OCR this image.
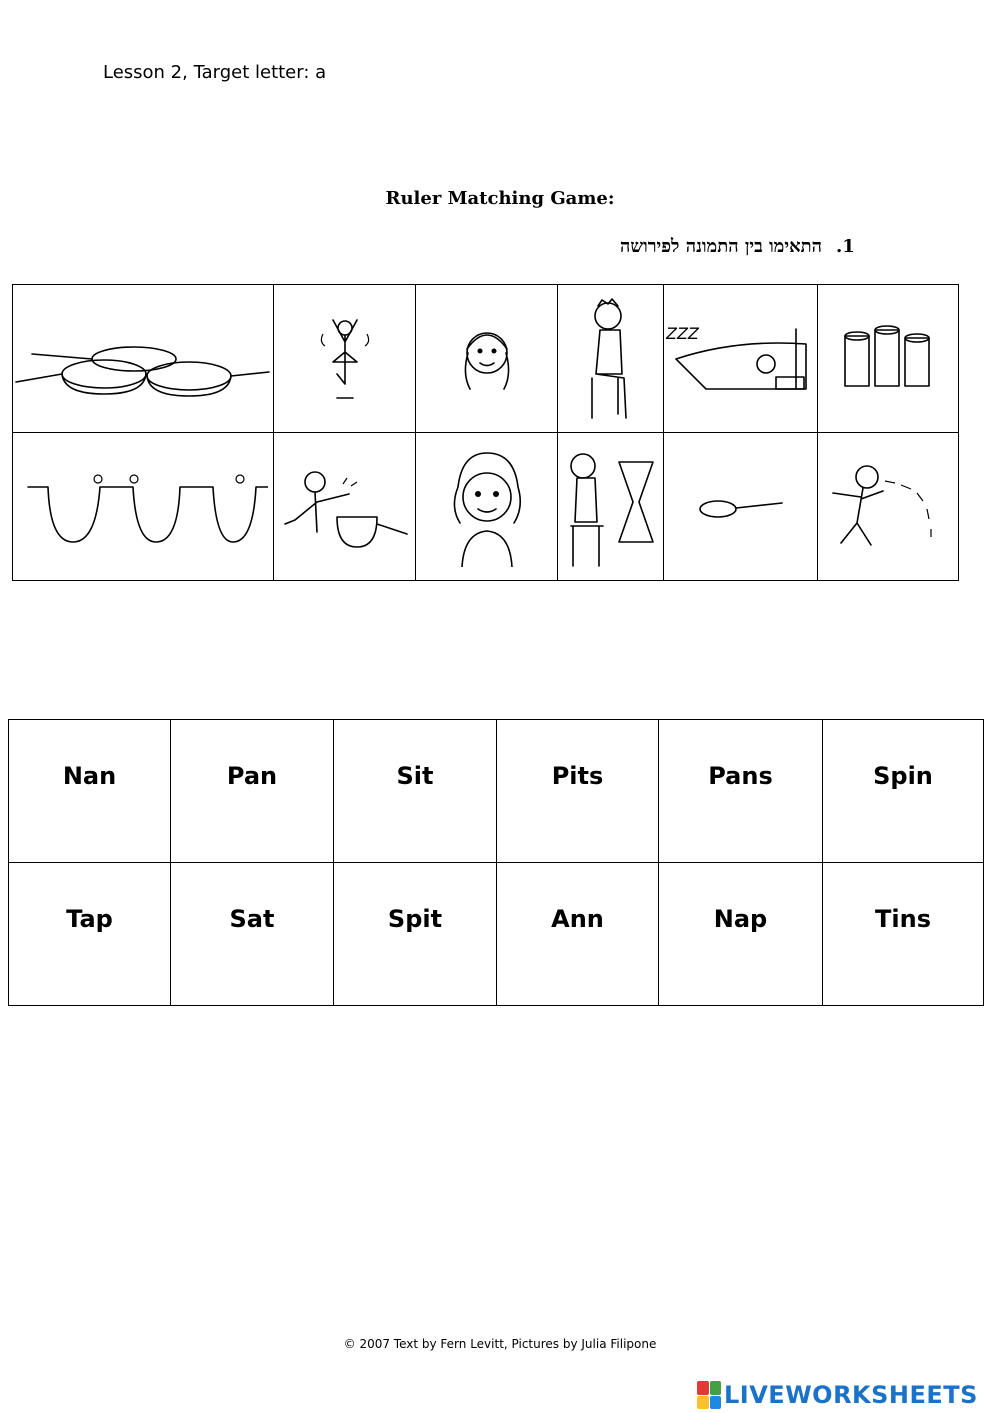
Lesson 2, Target letter: a
Ruler Matching Game:
1.התאימו בין התמונה לפירושה

ZZZ

Nan	Pan	Sit	Pits	Pans	Spin

Tap	Sat	Spit	Ann	Nap	Tins
© 2007 Text by Fern Levitt, Pictures by Julia Filipone
LIVEWORKSHEETS
